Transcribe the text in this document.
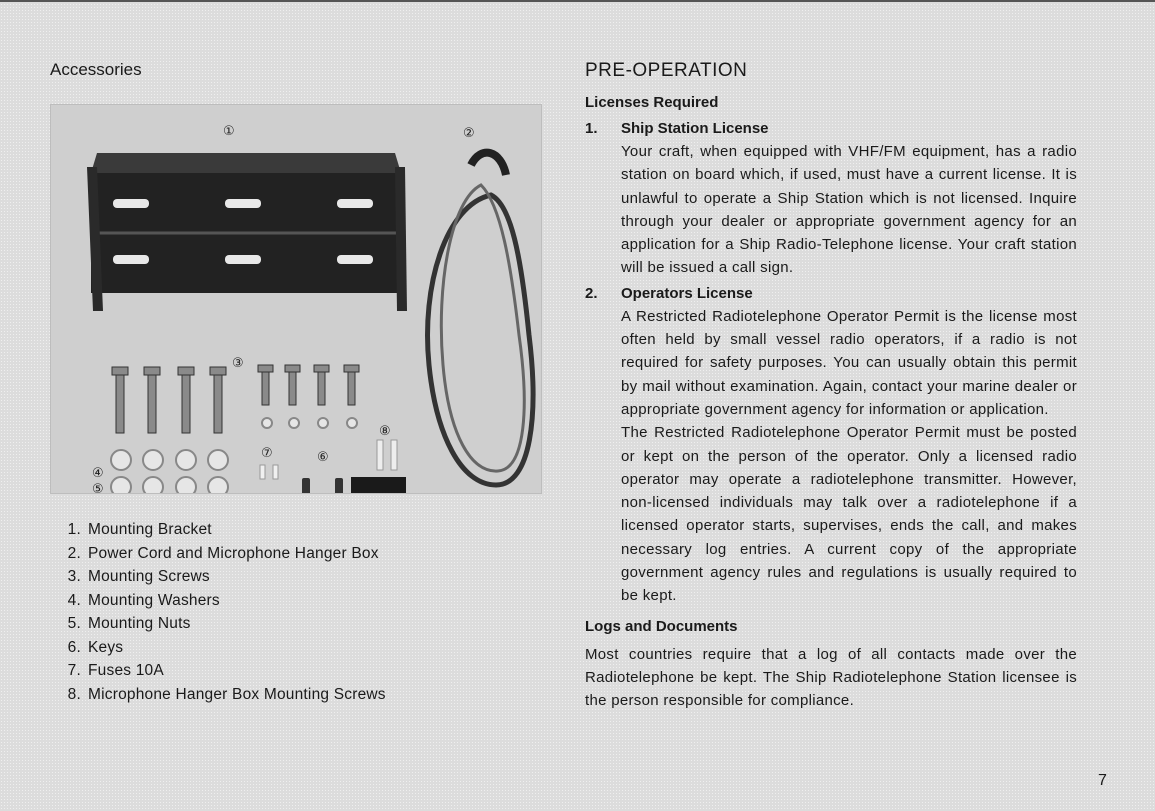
Accessories
①	②
③
④
⑤
⑥
⑦
⑧
1. Mounting Bracket
2. Power Cord and Microphone Hanger Box
3. Mounting Screws
4. Mounting Washers
5. Mounting Nuts
6. Keys
7. Fuses 10A
8. Microphone Hanger Box Mounting Screws
PRE-OPERATION
Licenses Required
1.	Ship Station License

Your craft, when equipped with VHF/FM equipment, has a radio station on board which, if used, must have a current license. It is unlawful to operate a Ship Station which is not licensed. Inquire through your dealer or appropriate government agency for an application for a Ship Radio-Telephone license. Your craft station will be issued a call sign.

2.	Operators License

A Restricted Radiotelephone Operator Permit is the license most often held by small vessel radio operators, if a radio is not required for safety purposes. You can usually obtain this permit by mail without examination. Again, contact your marine dealer or appropriate government agency for information or application.

The Restricted Radiotelephone Operator Permit must be posted or kept on the person of the operator. Only a licensed radio operator may operate a radiotelephone transmitter. However, non-licensed individuals may talk over a radiotelephone if a licensed operator starts, supervises, ends the call, and makes necessary log entries. A current copy of the appropriate government agency rules and regulations is usually required to be kept.

Logs and Documents

Most countries require that a log of all contacts made over the Radiotelephone be kept. The Ship Radiotelephone Station licensee is the person responsible for compliance.

7
